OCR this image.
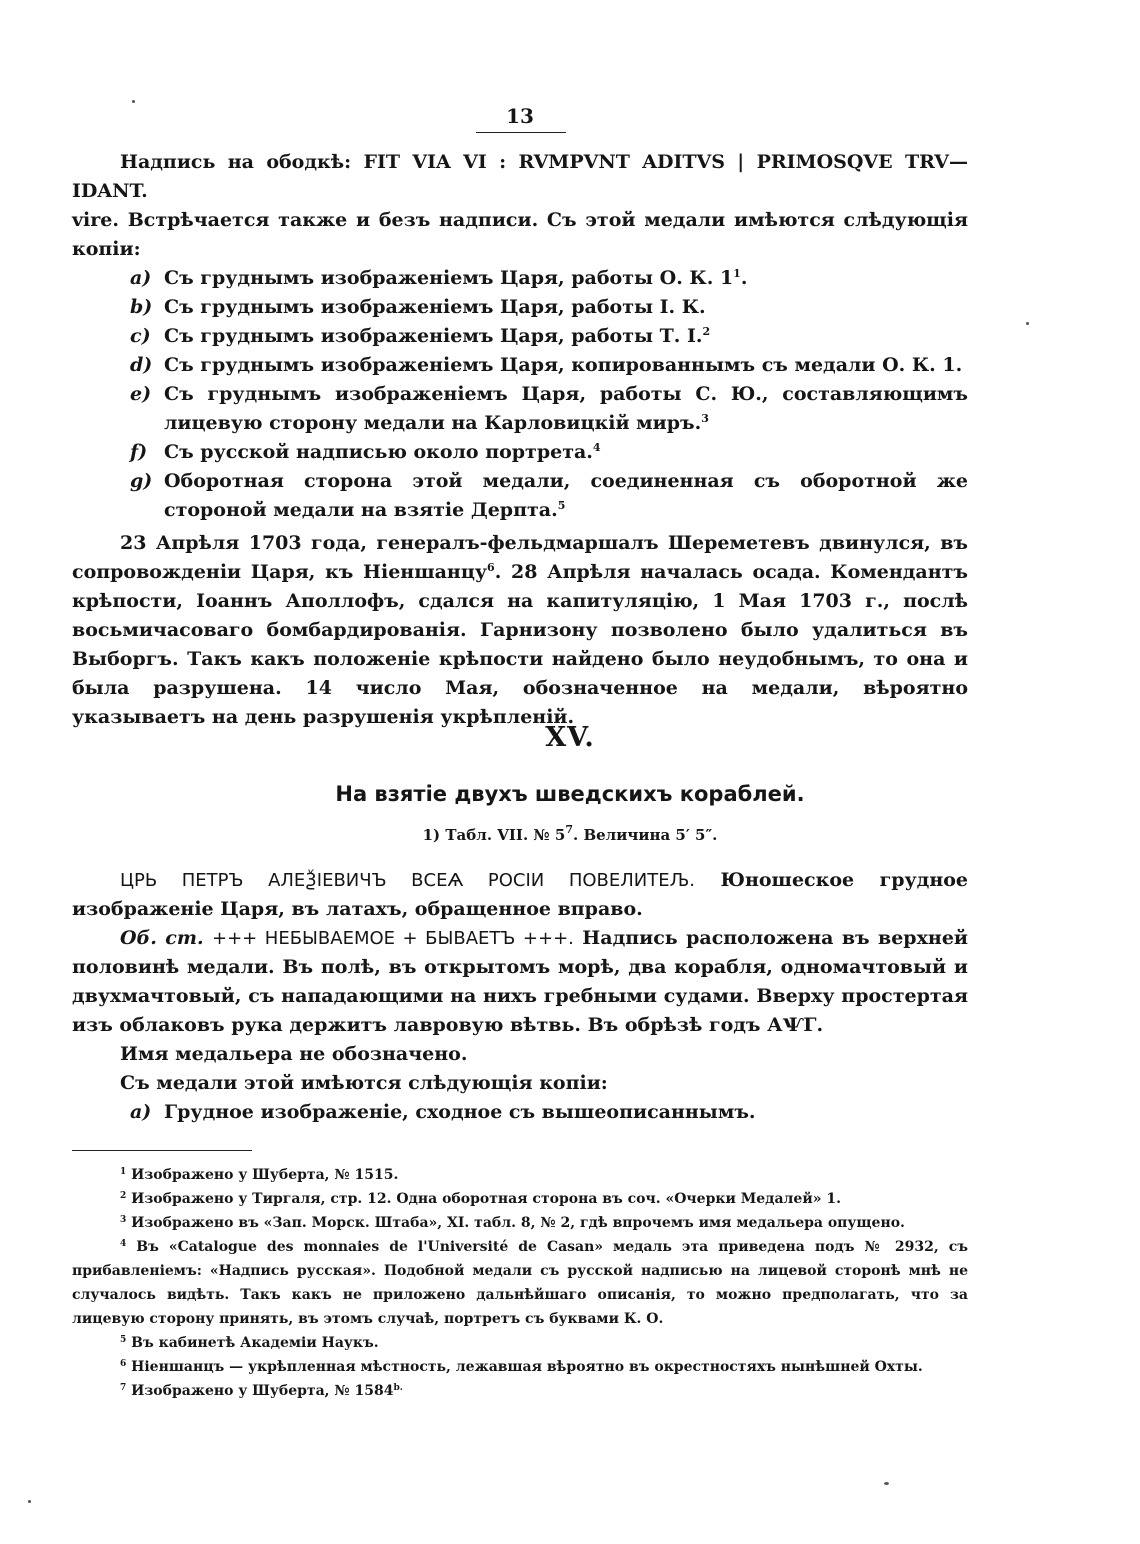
13

Надпись на ободкѣ: FIT VIA VI : RVMPVNT ADITVS | PRIMOSQVE TRV—IDANT.

vire. Встрѣчается также и безъ надписи. Съ этой медали имѣются слѣдующія копіи:

a) Съ груднымъ изображеніемъ Царя, работы О. К. $1^1$.

b) Съ груднымъ изображеніемъ Царя, работы I. К.

c) Съ груднымъ изображеніемъ Царя, работы Т. I.$^2$

d) Съ груднымъ изображеніемъ Царя, копированнымъ съ медали О. К. 1.

e) Съ груднымъ изображеніемъ Царя, работы С. Ю., составляющимъ лицевую сторону медали на Карловицкій миръ.$^3$

f) Съ русской надписью около портрета.$^4$

g) Оборотная сторона этой медали, соединенная съ оборотной же стороной медали на взятіе Дерпта.$^5$

23 Апрѣля 1703 года, генералъ-фельдмаршалъ Шереметевъ двинулся, въ сопровожденіи Царя, къ Ніеншанцу$^6$. 28 Апрѣля началась осада. Комендантъ крѣпости, Іоаннъ Аполлофъ, сдался на капитуляцію, 1 Мая 1703 г., послѣ восьмичасоваго бомбардированія. Гарнизону позволено было удалиться въ Выборгъ. Такъ какъ положеніе крѣпости найдено было неудобнымъ, то она и была разрушена. 14 число Мая, обозначенное на медали, вѣроятно указываетъ на день разрушенія укрѣпленій.

XV.
На взятіе двухъ шведскихъ кораблей.
1) Табл. VII. № $5^7$. Величина 5′ 5″.

ЦРЬ ПЕТРЪ АЛЕѮІЕВИЧЪ ВСЕѦ РОСІИ ПОВЕЛИТЕЉ. Юношеское грудное изображеніе Царя, въ латахъ, обращенное вправо.

Об. ст. +++ НЕБЫВАЕМОЕ + БЫВАЕТЪ +++. Надпись расположена въ верхней половинѣ медали. Въ полѣ, въ открытомъ морѣ, два корабля, одномачтовый и двухмачтовый, съ нападающими на нихъ гребными судами. Вверху простертая изъ облаковъ рука держитъ лавровую вѣтвь. Въ обрѣзѣ годъ АѰГ.

Имя медальера не обозначено.

Съ медали этой имѣются слѣдующія копіи:

a) Грудное изображеніе, сходное съ вышеописаннымъ.

$^1$ Изображено у Шуберта, № 1515.

$^2$ Изображено у Тиргаля, стр. 12. Одна оборотная сторона въ соч. «Очерки Медалей» 1.

$^3$ Изображено въ «Зап. Морск. Штаба», XI. табл. 8, № 2, гдѣ впрочемъ имя медальера опущено.

$^4$ Въ «Catalogue des monnaies de l'Université de Casan» медаль эта приведена подъ № 2932, съ прибавленіемъ: «Надпись русская». Подобной медали съ русской надписью на лицевой сторонѣ мнѣ не случалось видѣть. Такъ какъ не приложено дальнѣйшаго описанія, то можно предполагать, что за лицевую сторону принять, въ этомъ случаѣ, портретъ съ буквами К. О.

$^5$ Въ кабинетѣ Академіи Наукъ.

$^6$ Ніеншанцъ — укрѣпленная мѣстность, лежавшая вѣроятно въ окрестностяхъ нынѣшней Охты.

$^7$ Изображено у Шуберта, № $1584^{b.}$
